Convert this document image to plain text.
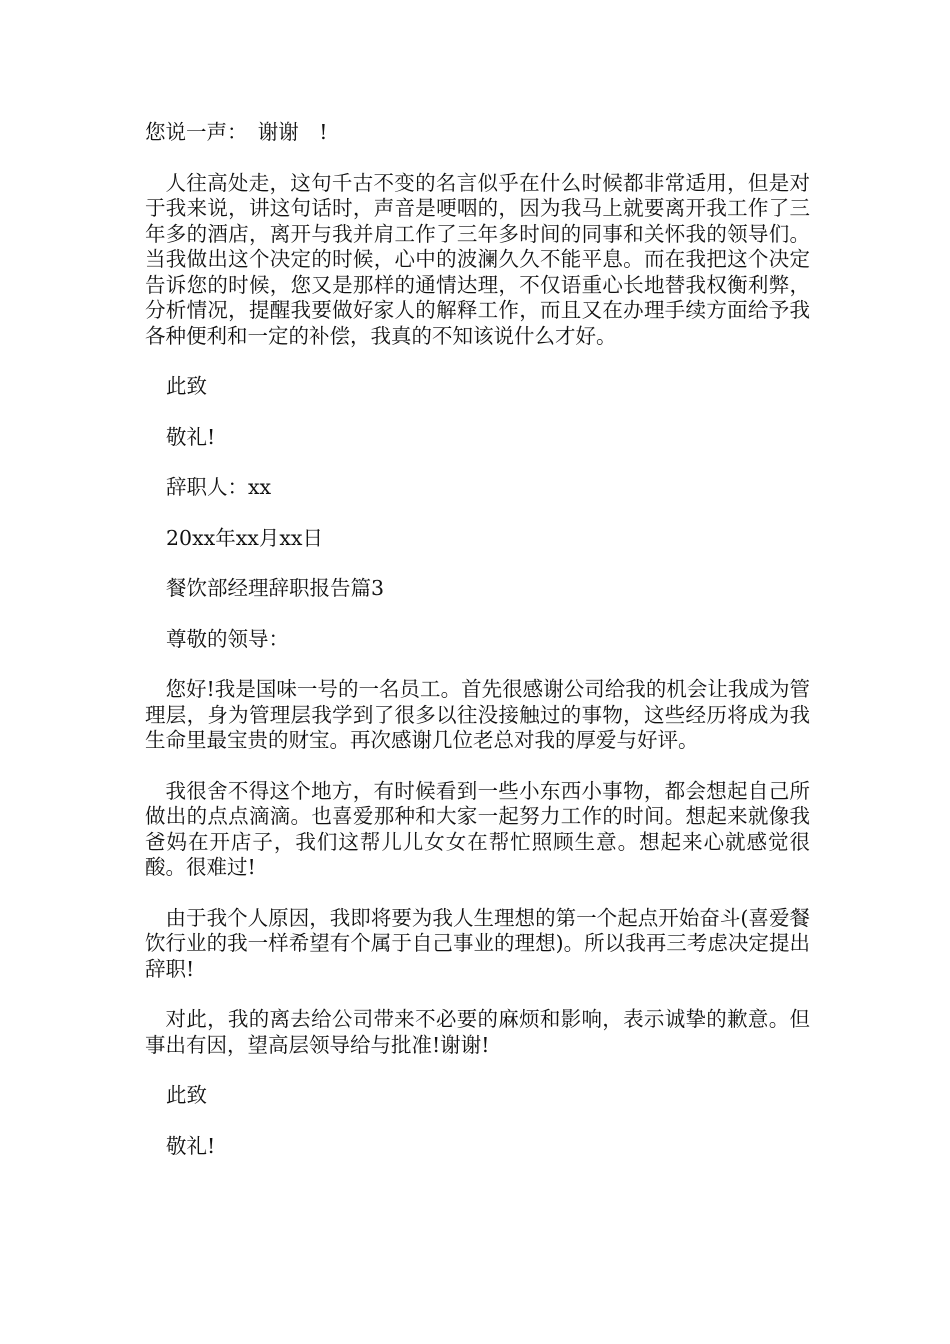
您说一声：　谢谢　!

人往高处走，这句千古不变的名言似乎在什么时候都非常适用，但是对于我来说，讲这句话时，声音是哽咽的，因为我马上就要离开我工作了三年多的酒店，离开与我并肩工作了三年多时间的同事和关怀我的领导们。当我做出这个决定的时候，心中的波澜久久不能平息。而在我把这个决定告诉您的时候，您又是那样的通情达理，不仅语重心长地替我权衡利弊，分析情况，提醒我要做好家人的解释工作，而且又在办理手续方面给予我各种便利和一定的补偿，我真的不知该说什么才好。

此致
敬礼!
辞职人：xx
20xx年xx月xx日
餐饮部经理辞职报告篇3
尊敬的领导：

您好!我是国味一号的一名员工。首先很感谢公司给我的机会让我成为管理层，身为管理层我学到了很多以往没接触过的事物，这些经历将成为我生命里最宝贵的财宝。再次感谢几位老总对我的厚爱与好评。

我很舍不得这个地方，有时候看到一些小东西小事物，都会想起自己所做出的点点滴滴。也喜爱那种和大家一起努力工作的时间。想起来就像我爸妈在开店子，我们这帮儿儿女女在帮忙照顾生意。想起来心就感觉很酸。很难过!

由于我个人原因，我即将要为我人生理想的第一个起点开始奋斗(喜爱餐饮行业的我一样希望有个属于自己事业的理想)。所以我再三考虑决定提出辞职!

对此，我的离去给公司带来不必要的麻烦和影响，表示诚挚的歉意。但事出有因，望高层领导给与批准!谢谢!

此致
敬礼!
